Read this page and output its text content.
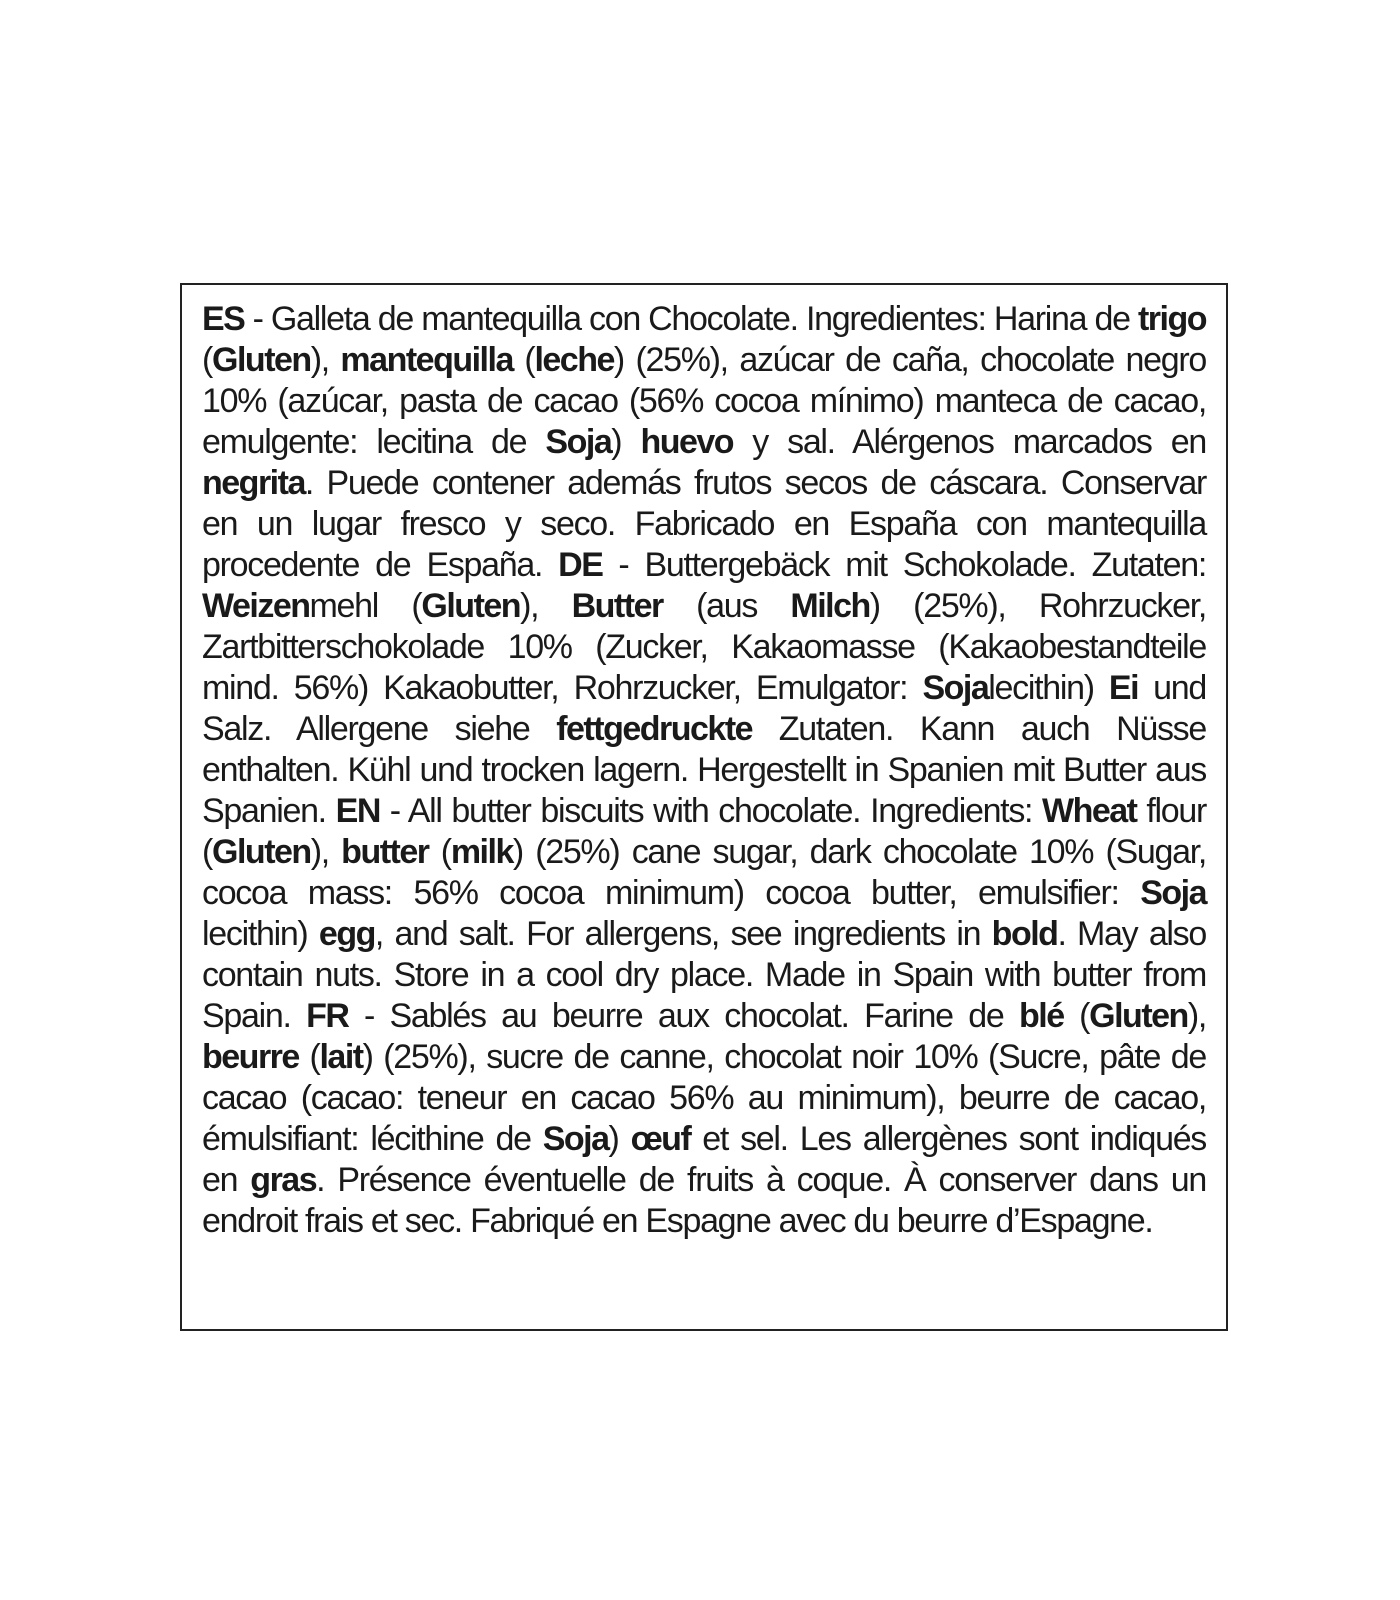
ES - Galleta de mantequilla con Chocolate. Ingredientes: Harina de trigo (Gluten), mantequilla (leche) (25%), azúcar de caña, chocolate negro 10% (azúcar, pasta de cacao (56% cocoa mínimo) manteca de cacao, emulgente: lecitina de Soja) huevo y sal. Alérgenos marcados en negrita. Puede contener además frutos secos de cáscara. Conservar en un lugar fresco y seco. Fabricado en España con mantequilla procedente de España. DE - Buttergebäck mit Schokolade. Zutaten: Weizenmehl (Gluten), Butter (aus Milch) (25%), Rohrzucker, Zartbitterschokolade 10% (Zucker, Kakaomasse (Kakaobestandteile mind. 56%) Kakaobutter, Rohrzucker, Emulgator: Sojalecithin) Ei und Salz. Allergene siehe fettgedruckte Zutaten. Kann auch Nüsse enthalten. Kühl und trocken lagern. Hergestellt in Spanien mit Butter aus Spanien. EN - All butter biscuits with chocolate. Ingredients: Wheat flour (Gluten), butter (milk) (25%) cane sugar, dark chocolate 10% (Sugar, cocoa mass: 56% cocoa minimum) cocoa butter, emulsifier: Soja lecithin) egg, and salt. For allergens, see ingredients in bold. May also contain nuts. Store in a cool dry place. Made in Spain with butter from Spain. FR - Sablés au beurre aux chocolat. Farine de blé (Gluten), beurre (lait) (25%), sucre de canne, chocolat noir 10% (Sucre, pâte de cacao (cacao: teneur en cacao 56% au minimum), beurre de cacao, émulsifiant: lécithine de Soja) œuf et sel. Les allergènes sont indiqués en gras. Présence éventuelle de fruits à coque. À conserver dans un endroit frais et sec. Fabriqué en Espagne avec du beurre d’Espagne.
